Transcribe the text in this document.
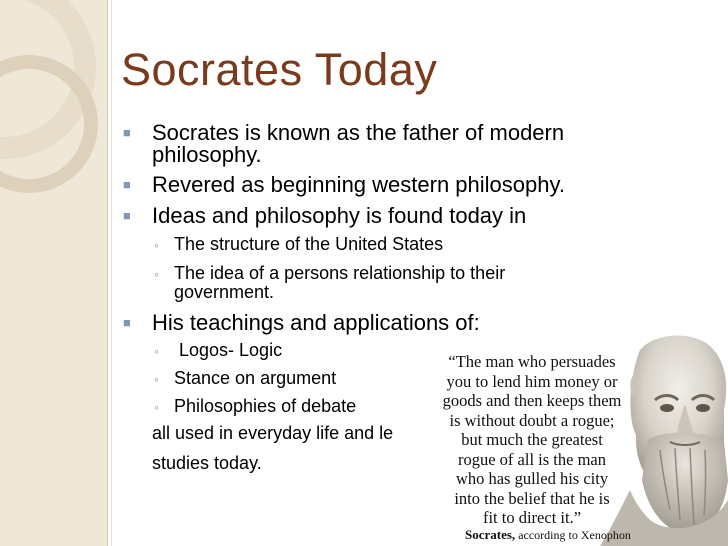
Socrates Today
■ Socrates is known as the father of modern
philosophy.
■ Revered as beginning western philosophy.
■ Ideas and philosophy is found today in
◦ The structure of the United States
◦ The idea of a persons relationship to their
government.
■ His teachings and applications of:
◦ Logos- Logic
◦ Stance on argument
◦ Philosophies of debate
all used in everyday life and le
studies today.
“The man who persuades
you to lend him money or
goods and then keeps them
is without doubt a rogue;
but much the greatest
rogue of all is the man
who has gulled his city
into the belief that he is
fit to direct it.”
Socrates, according to Xenophon
